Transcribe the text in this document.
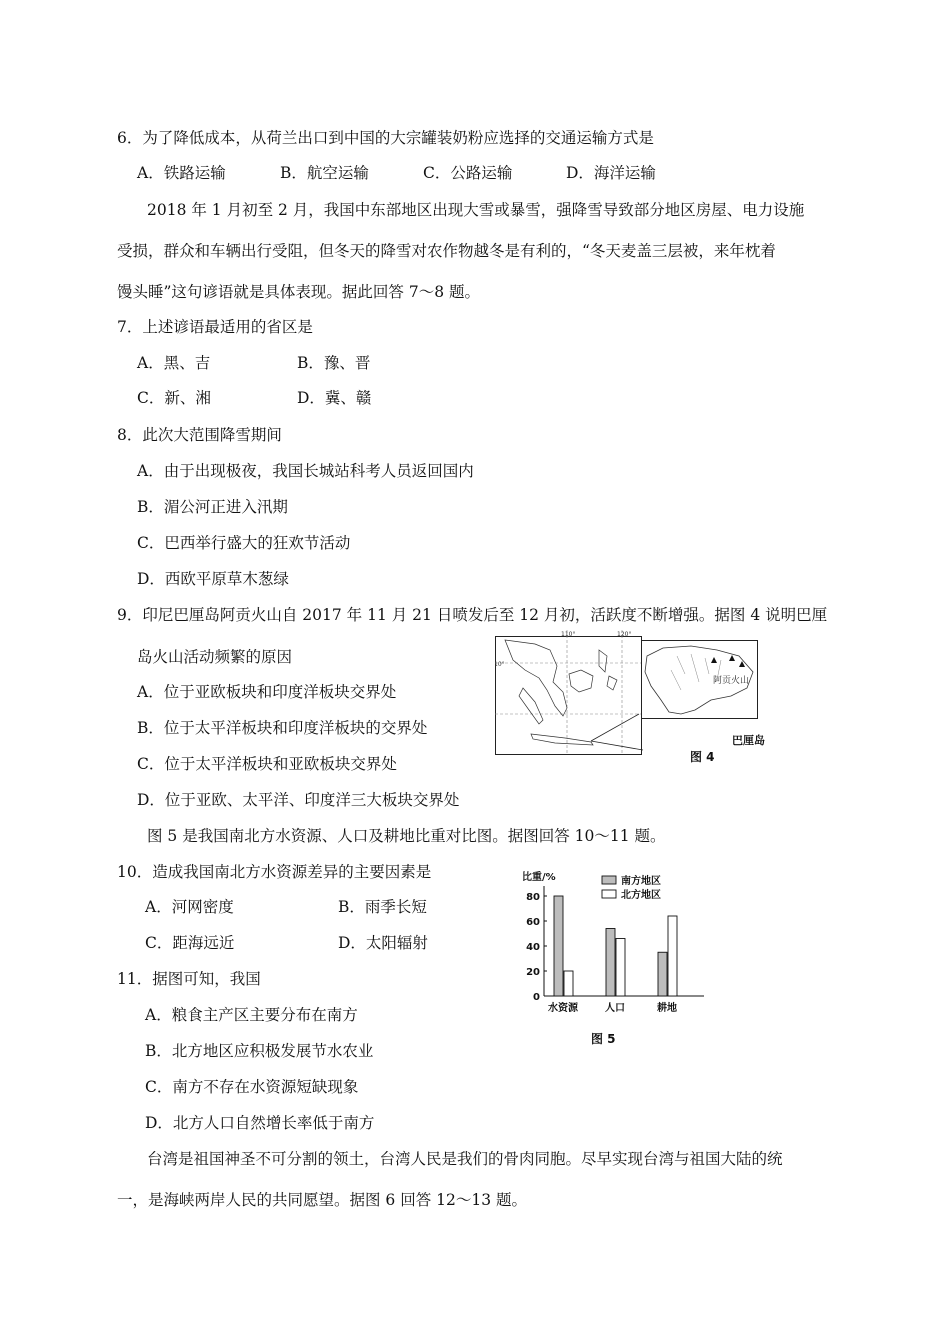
6．为了降低成本，从荷兰出口到中国的大宗罐装奶粉应选择的交通运输方式是
A．铁路运输	B．航空运输	C．公路运输	D．海洋运输
2018 年 1 月初至 2 月，我国中东部地区出现大雪或暴雪，强降雪导致部分地区房屋、电力设施
受损，群众和车辆出行受阻，但冬天的降雪对农作物越冬是有利的，“冬天麦盖三层被，来年枕着
馒头睡”这句谚语就是具体表现。据此回答 7～8 题。
7．上述谚语最适用的省区是
A．黑、吉	B．豫、晋
C．新、湘	D．冀、赣
8．此次大范围降雪期间
A．由于出现极夜，我国长城站科考人员返回国内
B．湄公河正进入汛期
C．巴西举行盛大的狂欢节活动
D．西欧平原草木葱绿
9．印尼巴厘岛阿贡火山自 2017 年 11 月 21 日喷发后至 12 月初，活跃度不断增强。据图 4 说明巴厘
岛火山活动频繁的原因
A．位于亚欧板块和印度洋板块交界处
B．位于太平洋板块和印度洋板块的交界处
C．位于太平洋板块和亚欧板块交界处
D．位于亚欧、太平洋、印度洋三大板块交界处
110°	120°
10°
阿贡火山
巴厘岛
图 4
图 5 是我国南北方水资源、人口及耕地比重对比图。据图回答 10～11 题。
10．造成我国南北方水资源差异的主要因素是
A．河网密度	B．雨季长短
C．距海远近	D．太阳辐射
11．据图可知，我国
A．粮食主产区主要分布在南方
B．北方地区应积极发展节水农业
C．南方不存在水资源短缺现象
D．北方人口自然增长率低于南方
比重/%
0
20
40
60
80
水资源	人口	耕地
南方地区
北方地区
图 5
台湾是祖国神圣不可分割的领土，台湾人民是我们的骨肉同胞。尽早实现台湾与祖国大陆的统
一，是海峡两岸人民的共同愿望。据图 6 回答 12～13 题。
